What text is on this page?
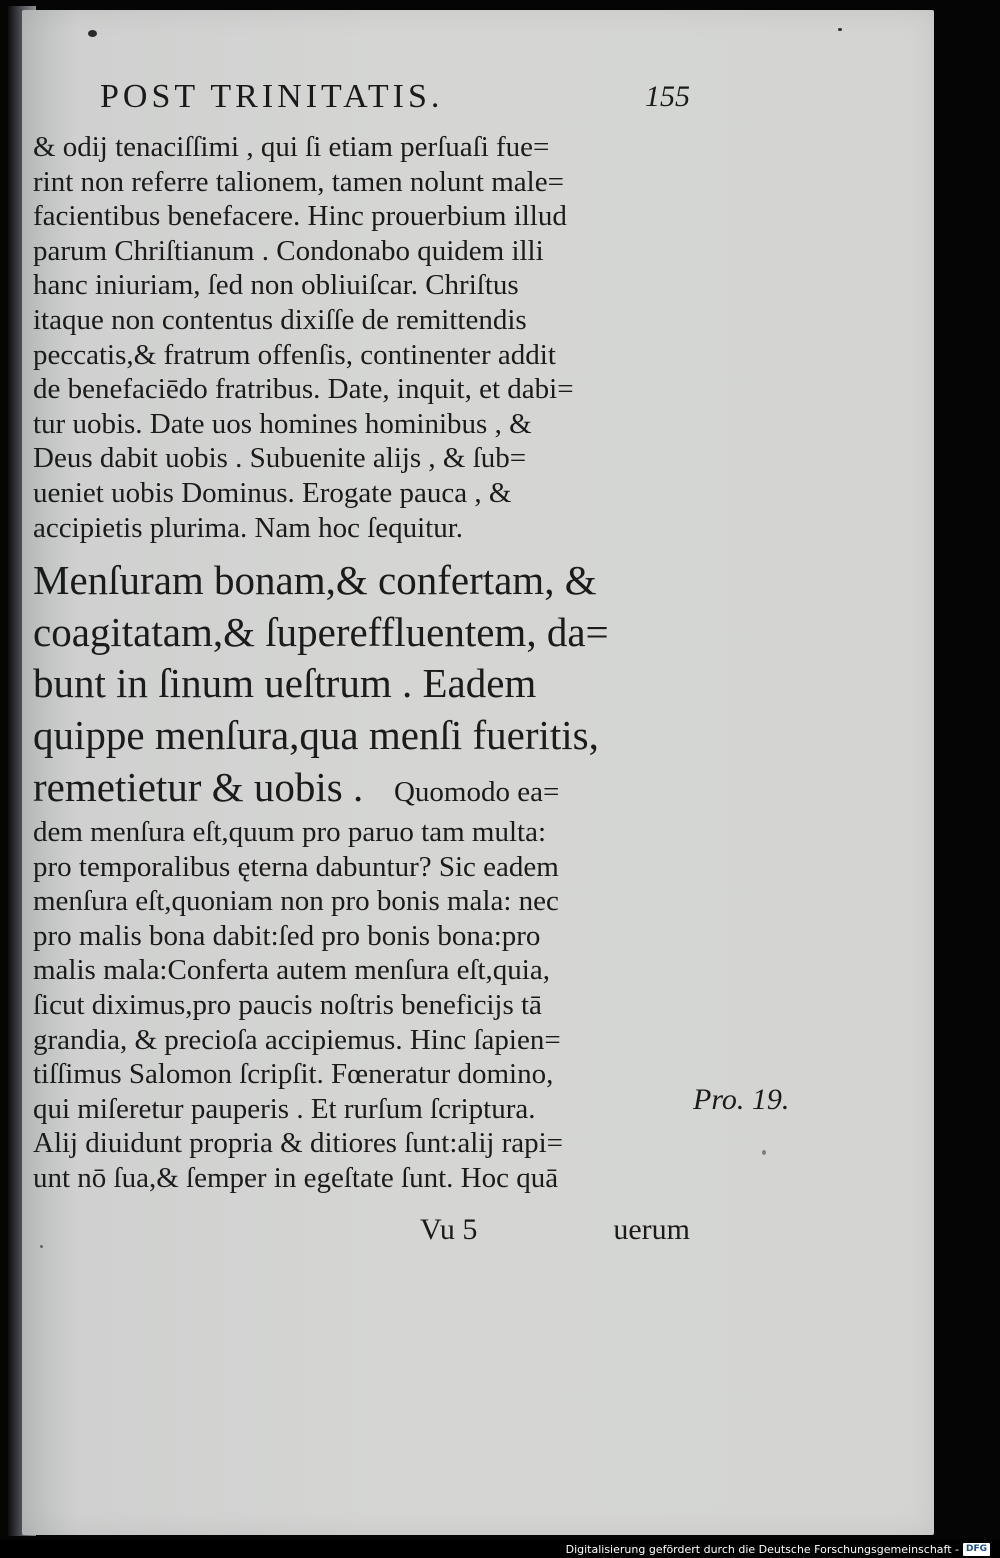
POST TRINITATIS.	155
& odĳ tenaciſſimi , qui ſi etiam perſuaſi fue=
rint non referre talionem, tamen nolunt male=
facientibus benefacere. Hinc prouerbium illud
parum Chriſtianum . Condonabo quidem illi
hanc iniuriam, ſed non obliuiſcar. Chriſtus
itaque non contentus dixiſſe de remittendis
peccatis,& fratrum offenſis, continenter addit
de benefaciēdo fratribus. Date, inquit, et dabi=
tur uobis. Date uos homines hominibus , &
Deus dabit uobis . Subuenite alĳs , & ſub=
ueniet uobis Dominus. Erogate pauca , &
accipietis plurima. Nam hoc ſequitur.
Menſuram bonam,& confertam, &
coagitatam,& ſupereffluentem, da=
bunt in ſinum ueſtrum . Eadem
quippe menſura,qua menſi fueritis,
remetietur & uobis . Quomodo ea=
dem menſura eſt,quum pro paruo tam multa:
pro temporalibus ęterna dabuntur? Sic eadem
menſura eſt,quoniam non pro bonis mala: nec
pro malis bona dabit:ſed pro bonis bona:pro
malis mala:Conferta autem menſura eſt,quia,
ſicut diximus,pro paucis noſtris beneficĳs tā
grandia, & precioſa accipiemus. Hinc ſapien=
tiſſimus Salomon ſcripſit. Fœneratur domino,
qui miſeretur pauperis . Et rurſum ſcriptura.
Alĳ diuidunt propria & ditiores ſunt:alĳ rapi=
unt nō ſua,& ſemper in egeſtate ſunt. Hoc quā
Vu 5	uerum
Pro. 19.
Digitalisierung gefördert durch die Deutsche Forschungsgemeinschaft - DFG
